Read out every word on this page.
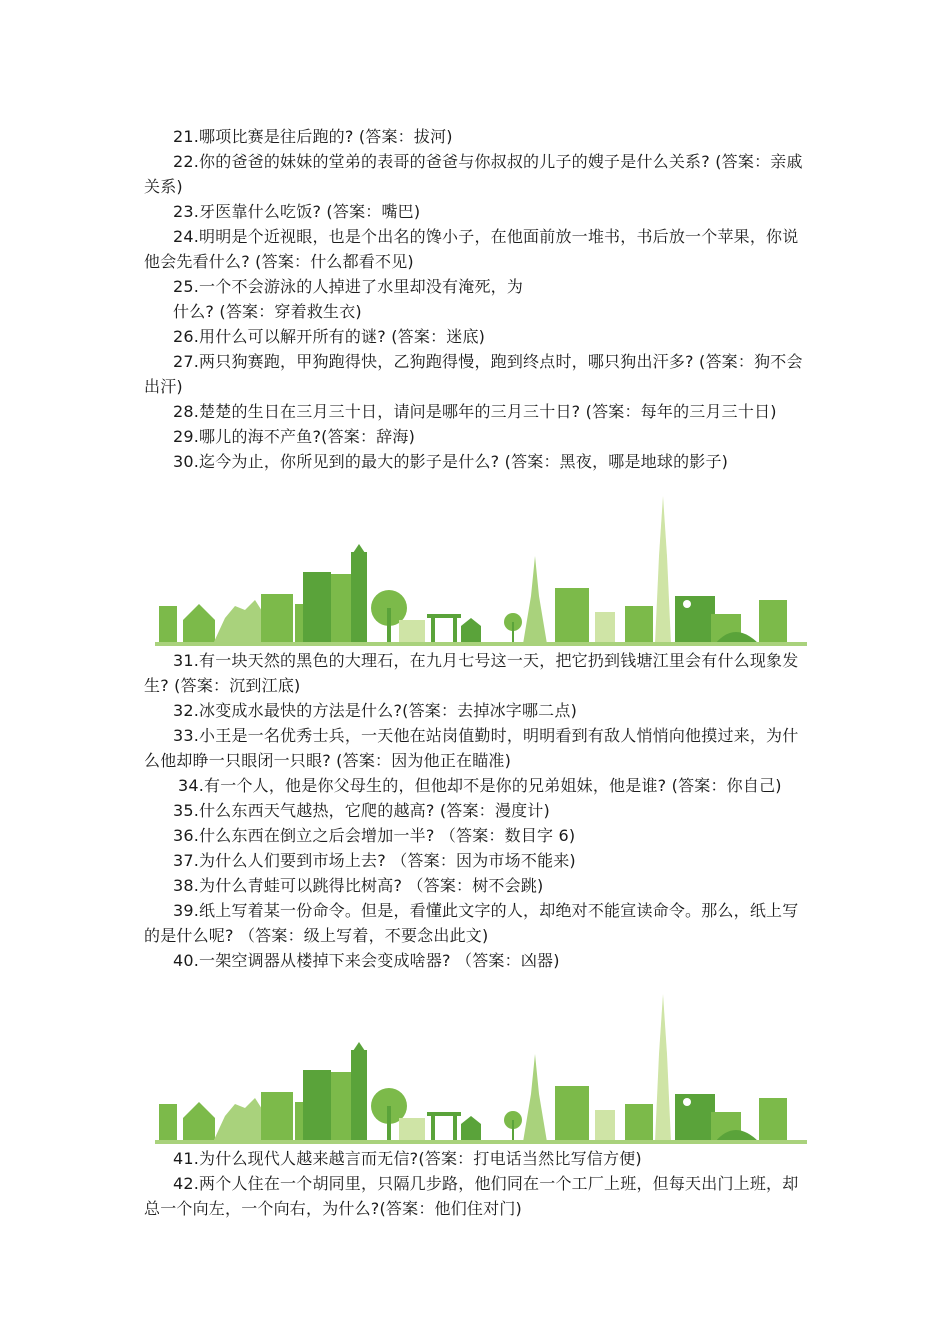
21.哪项比赛是往后跑的? (答案：拔河)

22.你的爸爸的妹妹的堂弟的表哥的爸爸与你叔叔的儿子的嫂子是什么关系? (答案：亲戚关系)

23.牙医靠什么吃饭? (答案：嘴巴)

24.明明是个近视眼，也是个出名的馋小子，在他面前放一堆书，书后放一个苹果，你说他会先看什么? (答案：什么都看不见)

25.一个不会游泳的人掉进了水里却没有淹死，为

什么? (答案：穿着救生衣)

26.用什么可以解开所有的谜? (答案：迷底)

27.两只狗赛跑，甲狗跑得快，乙狗跑得慢，跑到终点时，哪只狗出汗多? (答案：狗不会出汗)

28.楚楚的生日在三月三十日，请问是哪年的三月三十日? (答案：每年的三月三十日)

29.哪儿的海不产鱼?(答案：辞海)

30.迄今为止，你所见到的最大的影子是什么? (答案：黑夜，哪是地球的影子)

31.有一块天然的黑色的大理石，在九月七号这一天，把它扔到钱塘江里会有什么现象发生? (答案：沉到江底)

32.冰变成水最快的方法是什么?(答案：去掉冰字哪二点)

33.小王是一名优秀士兵，一天他在站岗值勤时，明明看到有敌人悄悄向他摸过来，为什么他却睁一只眼闭一只眼? (答案：因为他正在瞄准)

34.有一个人，他是你父母生的，但他却不是你的兄弟姐妹，他是谁? (答案：你自己)

35.什么东西天气越热，它爬的越高? (答案：漫度计)

36.什么东西在倒立之后会增加一半? （答案：数目字 6)

37.为什么人们要到市场上去? （答案：因为市场不能来)

38.为什么青蛙可以跳得比树高? （答案：树不会跳)

39.纸上写着某一份命令。但是，看懂此文字的人，却绝对不能宣读命令。那么，纸上写的是什么呢? （答案：级上写着，不要念出此文)

40.一架空调器从楼掉下来会变成啥器? （答案：凶器)

41.为什么现代人越来越言而无信?(答案：打电话当然比写信方便)

42.两个人住在一个胡同里，只隔几步路，他们同在一个工厂上班，但每天出门上班，却总一个向左，一个向右，为什么?(答案：他们住对门)
